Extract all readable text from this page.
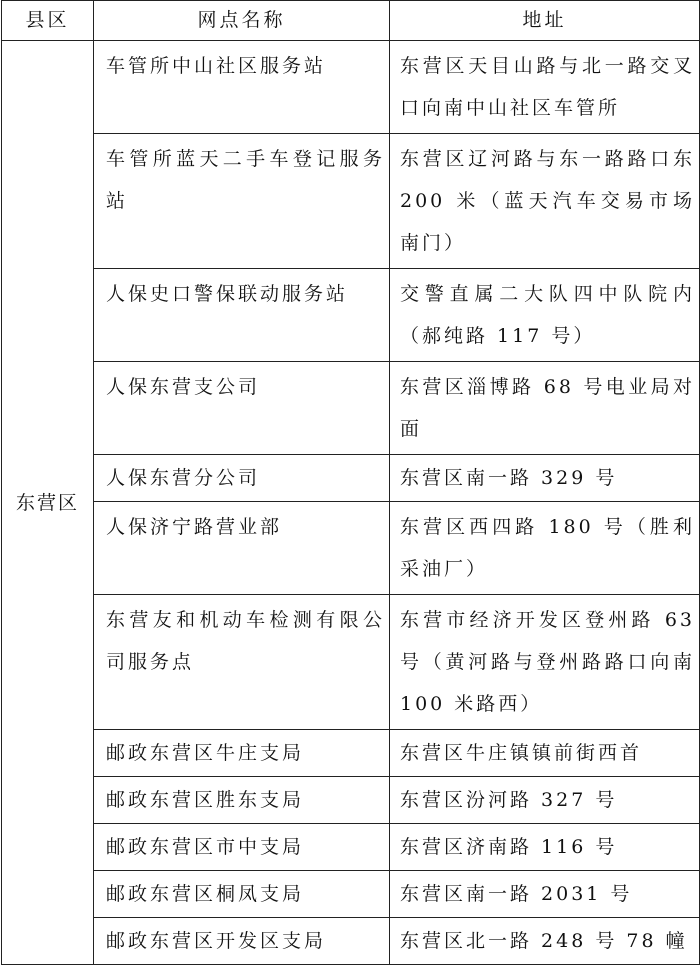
县区	网点名称	地址
东营区	车管所中山社区服务站	东营区天目山路与北一路交叉口向南中山社区车管所
	车管所蓝天二手车登记服务站	东营区辽河路与东一路路口东 200 米（蓝天汽车交易市场南门）
	人保史口警保联动服务站	交警直属二大队四中队院内（郝纯路 117 号）
	人保东营支公司	东营区淄博路 68 号电业局对面
	人保东营分公司	东营区南一路 329 号
	人保济宁路营业部	东营区西四路 180 号（胜利采油厂）
	东营友和机动车检测有限公司服务点	东营市经济开发区登州路 63 号（黄河路与登州路路口向南 100 米路西）
	邮政东营区牛庄支局	东营区牛庄镇镇前街西首
	邮政东营区胜东支局	东营区汾河路 327 号
	邮政东营区市中支局	东营区济南路 116 号
	邮政东营区桐凤支局	东营区南一路 2031 号
	邮政东营区开发区支局	东营区北一路 248 号 78 幢
